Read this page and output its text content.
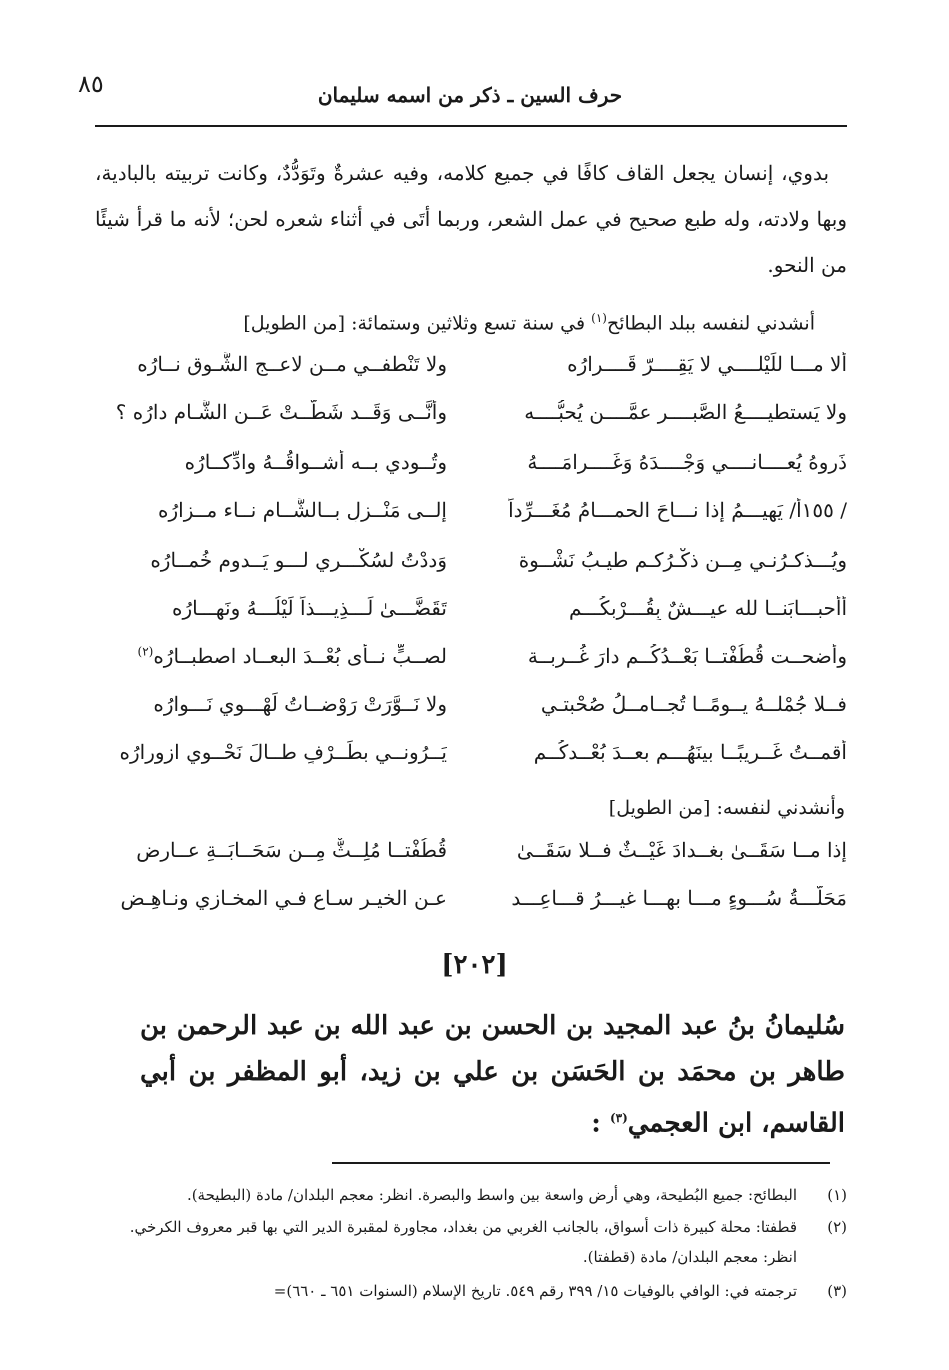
٨٥	حرف السين ـ ذكر من اسمه سليمان
بدوي، إنسان يجعل القاف كافًا في جميع كلامه، وفيه عشرةٌ وتَوَدُّدٌ، وكانت تربيته بالبادية، وبها ولادته، وله طبع صحيح في عمل الشعر، وربما أتَى في أثناء شعره لحن؛ لأنه ما قرأ شيئًا من النحو.
أنشدني لنفسه ببلد البطائح$^{(١)}$ في سنة تسع وثلاثين وستمائة: [من الطويل]
ألا مـــا للَيْلــــي لا يَقِــــرّ قَــــرارُه
ولا تَنْطفــي مــن لاعــج الشَّـوقِ نــارُه
ولا يَستطيــــعُ الصَّبــــر عمَّــــن يُحبُّــــه
وأنَّــى وَقَــد شَطَّــتْ عَــن الشَّـام دارُه ؟
ذَروهُ يُعــــانــــي وَجْــــدَهُ وَغَــــرامَــــهُ
وتُــودي بــه أشــواقُــهُ وادِّكــارُه
/ ١٥٥أ/ يَهِيـــمُ إذا نـــاحَ الحمـــامُ مُغَـــرِّداً
إلــى مَنْــزلٍ بــالشَّــام نــاء مــزارُه
ويُـــذكـرُنـي مِــن ذكْـرُكـم طيـبُ نَشْــوة
وَددْتُ لسُكْـــري لـــو يَــدوم خُمــارُه
أأحبـــابَنــا لله عيـــشٌ بِقُـــرْبكُـــم
تَقَضَّـــىٰ لَـــذِيـــذاً لَيْلُـــهُ ونَهـــارُه
وأضحــت قُطُفْتــا بَعْــدُكُــم دارَ غُــربــة
لصــبٍّ نــأى بُعْــدَ البعــاد اصطبــارُه$^{(٢)}$
فــلا جُمْلــهُ يــومًــا تُجــامــلُ صُحْبتـي
ولا نَــوَّرَتْ رَوْضــاتُ لَهْـــوي نَـــوارُه
أقمــتُ غَــريبًــا بينَهُـــم بعــدَ بُعْــدكُــم
يَــرُونــي بطَــرْفٍ طــالَ نَحْــوي ازوِرارُه
وأنشدني لنفسه: [من الطويل]
إذا مــا سَقَــىٰ بغــدادَ غَيْــثٌ فــلا سَقَــىٰ
قُطُفْتــا مُلِــثٌّ مِــن سَحَــابَــةِ عــارِض
مَحَلَّـــةُ سُـــوءٍ مـــا بهـــا غيـــرُ قـــاعِـــد
عـنِ الخيـرِ سـاعٍ فـي المخـازي ونـاهِـض
[٢٠٢]
سُليمانُ بنُ عبد المجيد بن الحسن بن عبد الله بن عبد الرحمن بن طاهر بن محمَد بن الحَسَن بن علي بن زيد، أبو المظفر بن أبي القاسم، ابن العجمي$^{(٣)}$ :
(١)
البطائح: جميع البُطيحة، وهي أرض واسعة بين واسط والبصرة. انظر: معجم البلدان/ مادة (البطيحة).
(٢)
قطفتا: محلة كبيرة ذات أسواق، بالجانب الغربي من بغداد، مجاورة لمقبرة الدير التي بها قبر معروف الكرخي.
انظر: معجم البلدان/ مادة (قطفتا).
(٣)
ترجمته في: الوافي بالوفيات ١٥/ ٣٩٩ رقم ٥٤٩. تاريخ الإسلام (السنوات ٦٥١ ـ ٦٦٠)=
